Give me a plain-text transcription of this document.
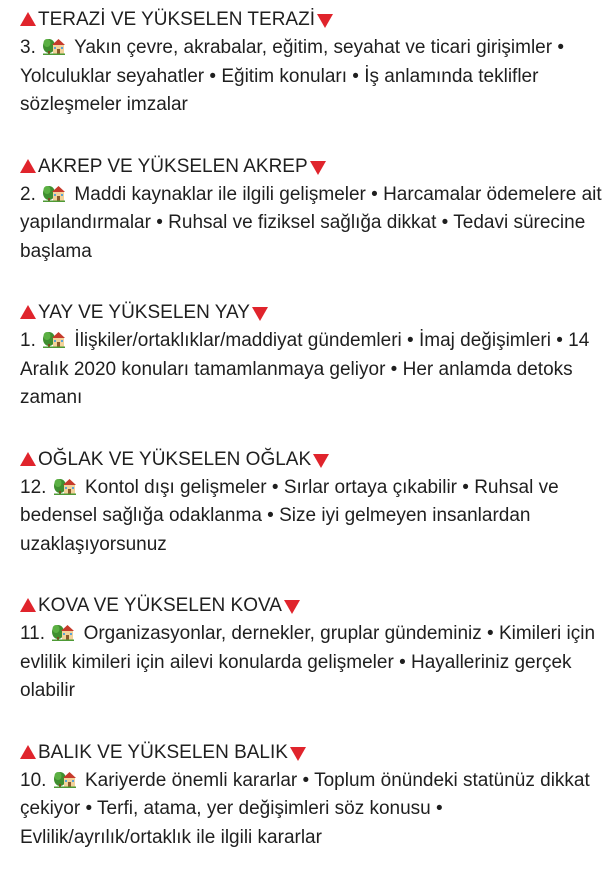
TERAZİ VE YÜKSELEN TERAZİ

3. Yakın çevre, akrabalar, eğitim, seyahat ve ticari girişimler • Yolculuklar seyahatler • Eğitim konuları • İş anlamında teklifler sözleşmeler imzalar

AKREP VE YÜKSELEN AKREP

2. Maddi kaynaklar ile ilgili gelişmeler • Harcamalar ödemelere ait yapılandırmalar • Ruhsal ve fiziksel sağlığa dikkat • Tedavi sürecine başlama

YAY VE YÜKSELEN YAY

1. İlişkiler/ortaklıklar/maddiyat gündemleri • İmaj değişimleri • 14 Aralık 2020 konuları tamamlanmaya geliyor • Her anlamda detoks zamanı

OĞLAK VE YÜKSELEN OĞLAK

12. Kontol dışı gelişmeler • Sırlar ortaya çıkabilir • Ruhsal ve bedensel sağlığa odaklanma • Size iyi gelmeyen insanlardan uzaklaşıyorsunuz

KOVA VE YÜKSELEN KOVA

11. Organizasyonlar, dernekler, gruplar gündeminiz • Kimileri için evlilik kimileri için ailevi konularda gelişmeler • Hayalleriniz gerçek olabilir

BALIK VE YÜKSELEN BALIK

10. Kariyerde önemli kararlar • Toplum önündeki statünüz dikkat çekiyor • Terfi, atama, yer değişimleri söz konusu • Evlilik/ayrılık/ortaklık ile ilgili kararlar
